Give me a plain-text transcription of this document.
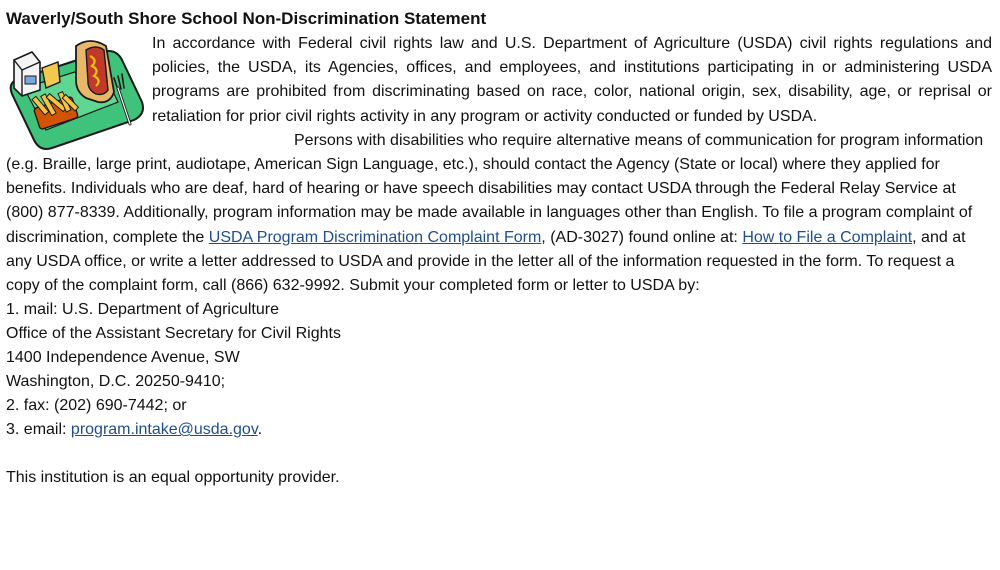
Waverly/South Shore School Non-Discrimination Statement

In accordance with Federal civil rights law and U.S. Department of Agriculture (USDA) civil rights regulations and policies, the USDA, its Agencies, offices, and employees, and institutions participating in or administering USDA programs are prohibited from discriminating based on race, color, national origin, sex, disability, age, or reprisal or retaliation for prior civil rights activity in any program or activity conducted or funded by USDA.

Persons with disabilities who require alternative means of communication for program information (e.g. Braille, large print, audiotape, American Sign Language, etc.), should contact the Agency (State or local) where they applied for benefits. Individuals who are deaf, hard of hearing or have speech disabilities may contact USDA through the Federal Relay Service at (800) 877-8339. Additionally, program information may be made available in languages other than English. To file a program complaint of discrimination, complete the USDA Program Discrimination Complaint Form, (AD-3027) found online at: How to File a Complaint, and at any USDA office, or write a letter addressed to USDA and provide in the letter all of the information requested in the form. To request a copy of the complaint form, call (866) 632-9992. Submit your completed form or letter to USDA by:

1. mail: U.S. Department of Agriculture
Office of the Assistant Secretary for Civil Rights
1400 Independence Avenue, SW
Washington, D.C. 20250-9410;
2. fax: (202) 690-7442; or
3. email: program.intake@usda.gov.

This institution is an equal opportunity provider.
